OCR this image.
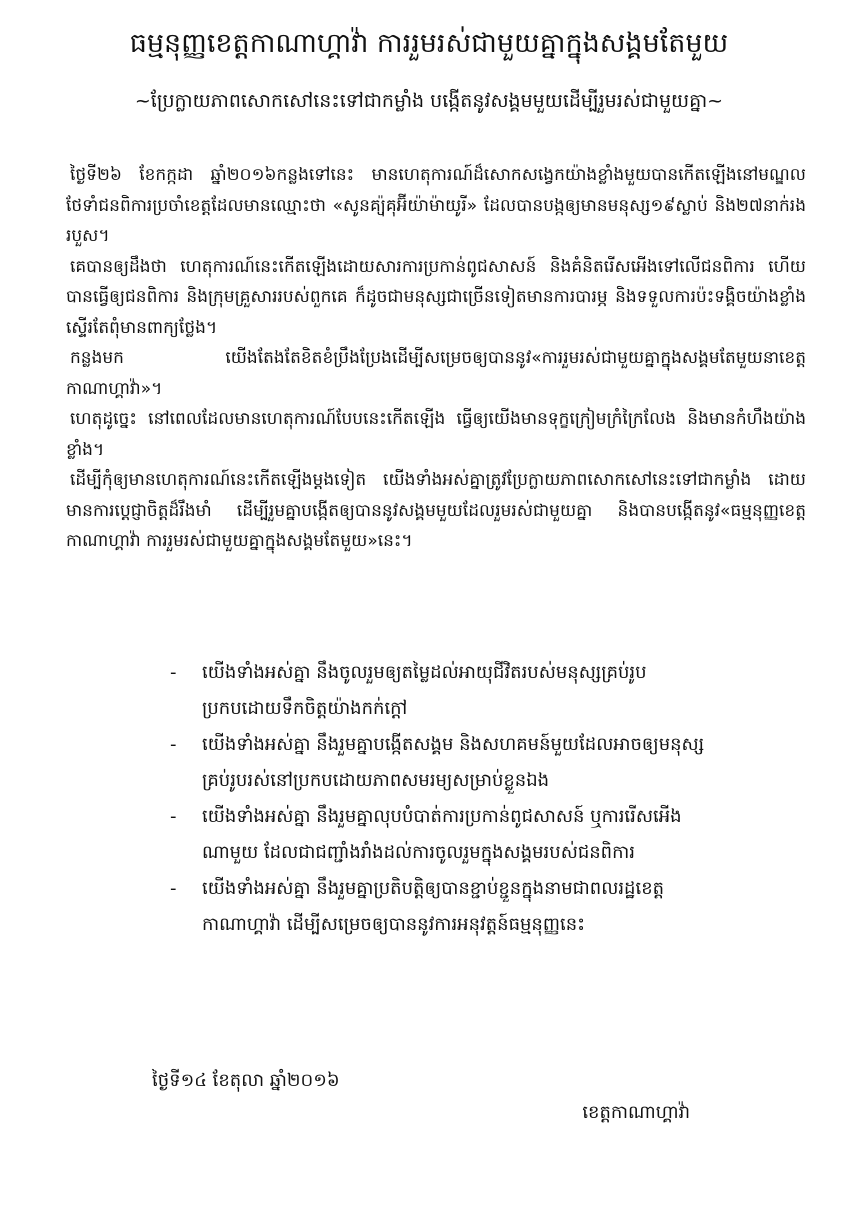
ធម្មនុញ្ញខេត្តកាណាហ្គាវ៉ា ការរួមរស់ជាមួយគ្នាក្នុងសង្គមតែមួយ
~ប្រែក្លាយភាពសោកសៅនេះទៅជាកម្លាំង បង្កើតនូវសង្គមមួយដើម្បីរួមរស់ជាមួយគ្នា~

ថ្ងៃទី២៦ ខែកក្កដា ឆ្នាំ២០១៦កន្លងទៅនេះ មានហេតុការណ៍ដ៏សោកសង្វេកយ៉ាងខ្លាំងមួយបានកើតឡើងនៅមណ្ឌលថែទាំជនពិការប្រចាំខេត្តដែលមានឈ្មោះថា «សូនគ្យ៉ុគុអ៊ីយ៉ាម៉ាយូរី» ដែលបានបង្កឲ្យមានមនុស្ស១៩ស្លាប់ និង២៧នាក់រងរបួស។

គេបានឲ្យដឹងថា ហេតុការណ៍នេះកើតឡើងដោយសារការប្រកាន់ពូជសាសន៍ និងគំនិតរើសអើងទៅលើជនពិការ ហើយបានធ្វើឲ្យជនពិការ និងក្រុមគ្រួសាររបស់ពួកគេ ក៏ដូចជាមនុស្សជាច្រើនទៀតមានការបារម្ភ និងទទួលការប៉ះទង្គិចយ៉ាងខ្លាំងស្ទើរតែពុំមានពាក្យថ្លែង។

កន្លងមក យើងតែងតែខិតខំប្រឹងប្រែងដើម្បីសម្រេចឲ្យបាននូវ«ការរួមរស់ជាមួយគ្នាក្នុងសង្គមតែមួយនាខេត្តកាណាហ្គាវ៉ា»។

ហេតុដូច្នេះ នៅពេលដែលមានហេតុការណ៍បែបនេះកើតឡើង ធ្វើឲ្យយើងមានទុក្ខក្រៀមក្រំក្រៃលែង និងមានកំហឹងយ៉ាងខ្លាំង។

ដើម្បីកុំឲ្យមានហេតុការណ៍នេះកើតឡើងម្តងទៀត យើងទាំងអស់គ្នាត្រូវប្រែក្លាយភាពសោកសៅនេះទៅជាកម្លាំង ដោយមានការប្តេជ្ញាចិត្តដ៏រឹងមាំ ដើម្បីរួមគ្នាបង្កើតឲ្យបាននូវសង្គមមួយដែលរួមរស់ជាមួយគ្នា និងបានបង្កើតនូវ«ធម្មនុញ្ញខេត្តកាណាហ្គាវ៉ា ការរួមរស់ជាមួយគ្នាក្នុងសង្គមតែមួយ»នេះ។

- យើងទាំងអស់គ្នា នឹងចូលរួមឲ្យតម្លៃដល់អាយុជីវិតរបស់មនុស្សគ្រប់រូបប្រកបដោយទឹកចិត្តយ៉ាងកក់ក្តៅ
- យើងទាំងអស់គ្នា នឹងរួមគ្នាបង្កើតសង្គម និងសហគមន៍មួយដែលអាចឲ្យមនុស្សគ្រប់រូបរស់នៅប្រកបដោយភាពសមរម្យសម្រាប់ខ្លួនឯង
- យើងទាំងអស់គ្នា នឹងរួមគ្នាលុបបំបាត់ការប្រកាន់ពូជសាសន៍ ឬការរើសអើងណាមួយ ដែលជាជញ្ជាំងរាំងដល់ការចូលរួមក្នុងសង្គមរបស់ជនពិការ
- យើងទាំងអស់គ្នា នឹងរួមគ្នាប្រតិបត្តិឲ្យបានខ្ជាប់ខ្ជួនក្នុងនាមជាពលរដ្ឋខេត្តកាណាហ្គាវ៉ា ដើម្បីសម្រេចឲ្យបាននូវការអនុវត្តន៍ធម្មនុញ្ញនេះ
ថ្ងៃទី១៤ ខែតុលា ឆ្នាំ២០១៦
ខេត្តកាណាហ្គាវ៉ា
